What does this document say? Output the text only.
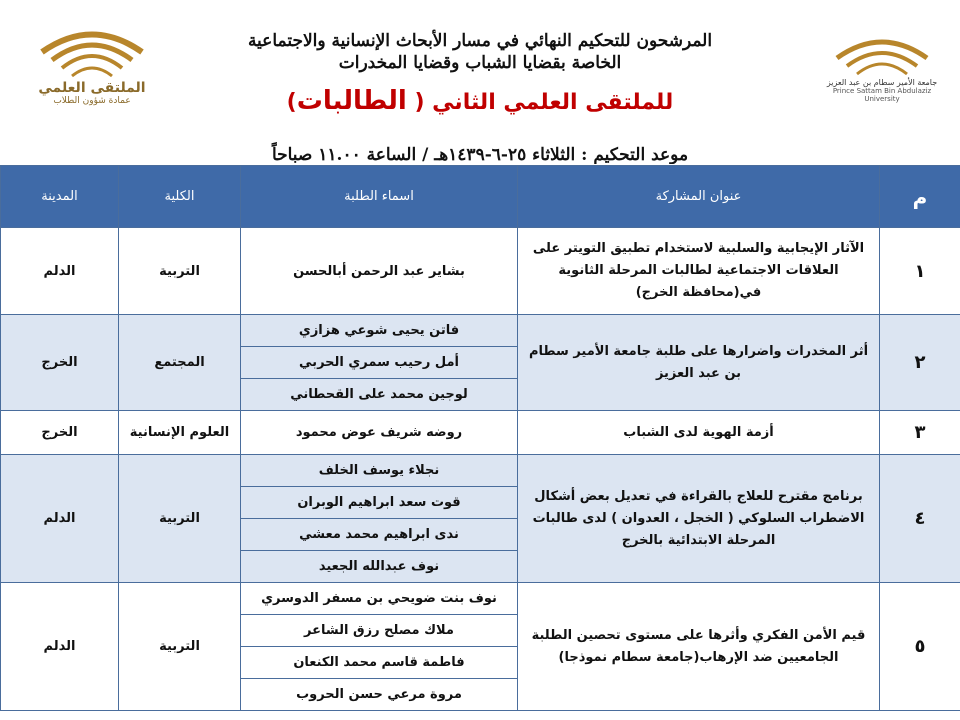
الملتقى العلمي
عمادة شؤون الطلاب
جامعة الأمير سطام بن عبد العزيز
Prince Sattam Bin Abdulaziz University
المرشحون للتحكيم النهائي في مسار الأبحاث الإنسانية والاجتماعية
الخاصة بقضايا الشباب وقضايا المخدرات
للملتقى العلمي الثاني ( الطالبات)
موعد التحكيم : الثلاثاء ٢٥-٦-١٤٣٩هـ / الساعة ١١.٠٠ صباحاً
م	عنوان المشاركة	اسماء الطلبة	الكلية	المدينة
١	الآثار الإيجابية والسلبية لاستخدام تطبيق التويتر على العلاقات الاجتماعية لطالبات المرحلة الثانوية في(محافظة الخرج)	بشاير عبد الرحمن أبالحسن	التربية	الدلم
٢	أثر المخدرات واضرارها على طلبة جامعة الأمير سطام بن عبد العزيز	فاتن يحيى شوعي هزازي	المجتمع	الخرج
		أمل رحيب سمري الحربي		
		لوجين محمد على القحطاني		
٣	أزمة الهوية لدى الشباب	روضه شريف عوض محمود	العلوم الإنسانية	الخرج
٤	برنامج مقترح للعلاج بالقراءة في تعديل بعض أشكال الاضطراب السلوكي ( الخجل ، العدوان ) لدى طالبات المرحلة الابتدائية بالخرج	نجلاء يوسف الخلف	التربية	الدلم
		قوت سعد ابراهيم الوبران		
		ندى ابراهيم محمد معشي		
		نوف عبدالله الجعيد		
٥	قيم الأمن الفكري وأثرها على مستوى تحصين الطلبة الجامعيين ضد الإرهاب(جامعة سطام نموذجا)	نوف بنت ضويحي بن مسفر الدوسري	التربية	الدلم
		ملاك مصلح رزق الشاعر		
		فاطمة قاسم محمد الكنعان		
		مروة مرعي حسن الحروب		
